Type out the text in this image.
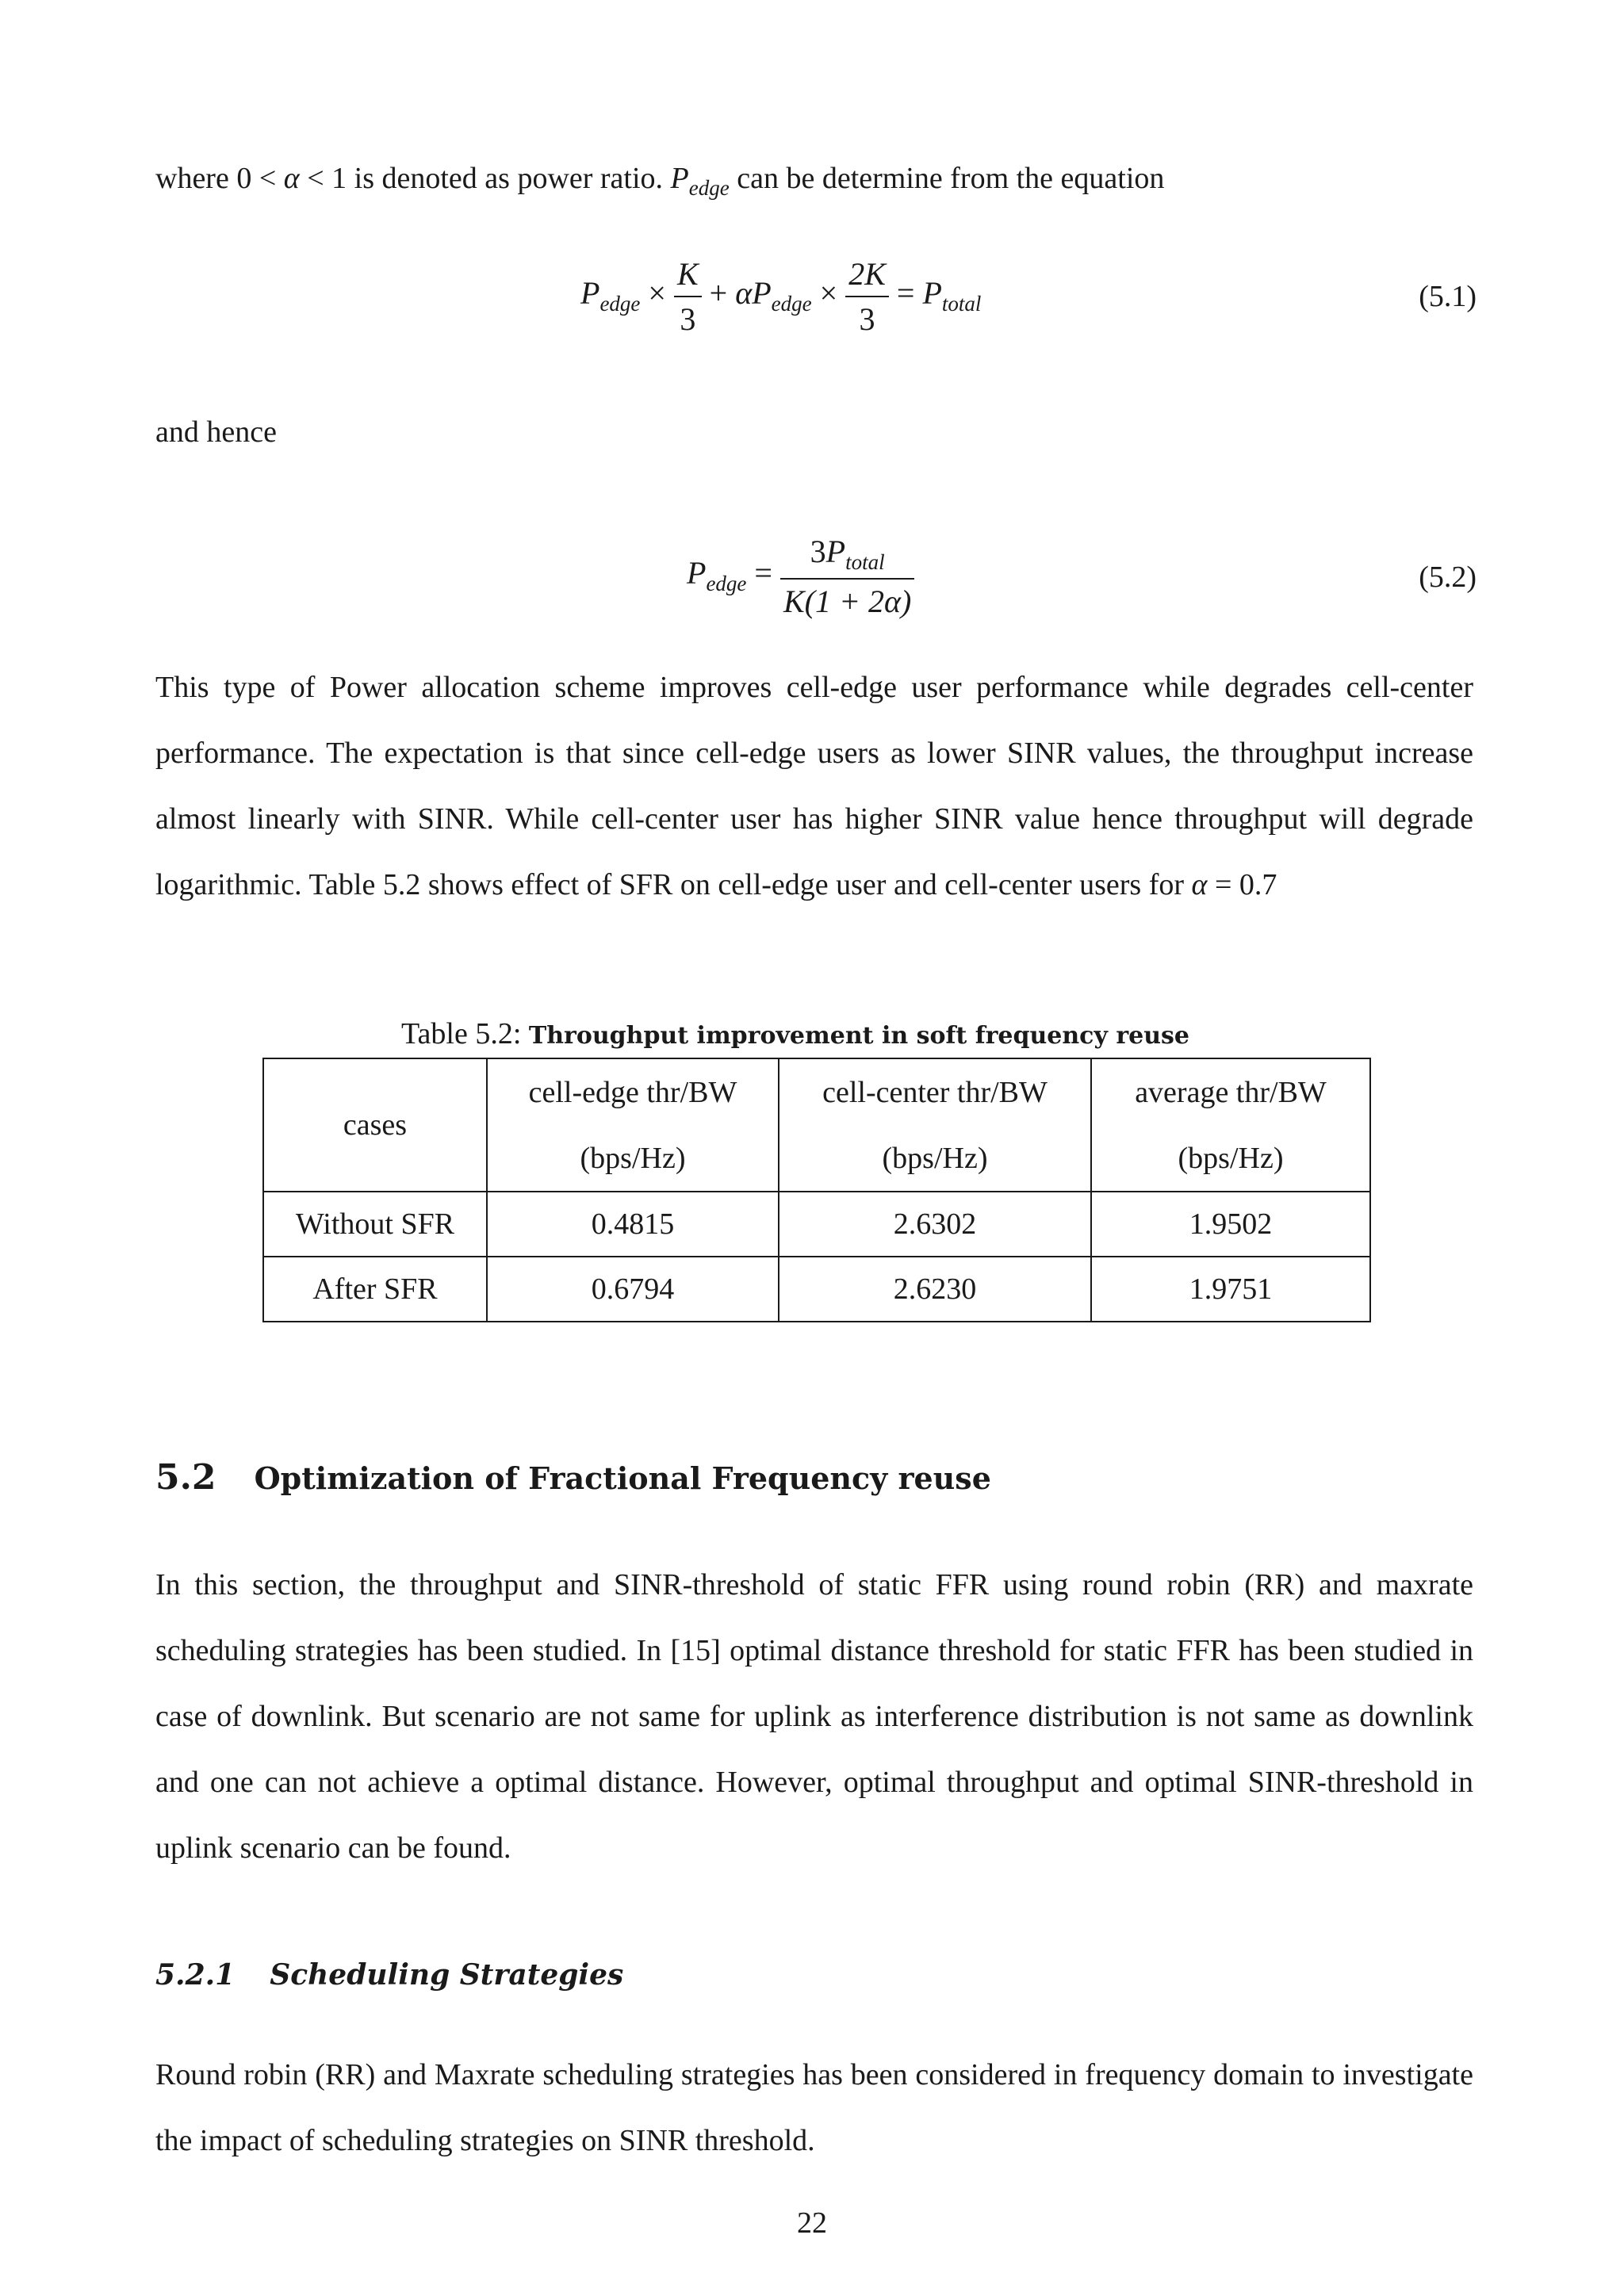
where 0 < α < 1 is denoted as power ratio. $P_{edge}$ can be determine from the equation

$P_{edge} \times \frac{K}{3} + \alpha P_{edge} \times \frac{2K}{3} = P_{total}$	(5.1)

and hence

$P_{edge} = \frac{3P_{total}}{K(1 + 2\alpha)}$	(5.2)

This type of Power allocation scheme improves cell-edge user performance while degrades cell-center performance. The expectation is that since cell-edge users as lower SINR values, the throughput increase almost linearly with SINR. While cell-center user has higher SINR value hence throughput will degrade logarithmic. Table 5.2 shows effect of SFR on cell-edge user and cell-center users for α = 0.7

Table 5.2: Throughput improvement in soft frequency reuse
cases	cell-edge thr/BW	cell-center thr/BW	average thr/BW
	(bps/Hz)	(bps/Hz)	(bps/Hz)
Without SFR	0.4815	2.6302	1.9502
After SFR	0.6794	2.6230	1.9751
5.2 Optimization of Fractional Frequency reuse

In this section, the throughput and SINR-threshold of static FFR using round robin (RR) and maxrate scheduling strategies has been studied. In [15] optimal distance threshold for static FFR has been studied in case of downlink. But scenario are not same for uplink as interference distribution is not same as downlink and one can not achieve a optimal distance. However, optimal throughput and optimal SINR-threshold in uplink scenario can be found.

5.2.1 Scheduling Strategies

Round robin (RR) and Maxrate scheduling strategies has been considered in frequency domain to investigate the impact of scheduling strategies on SINR threshold.

22
